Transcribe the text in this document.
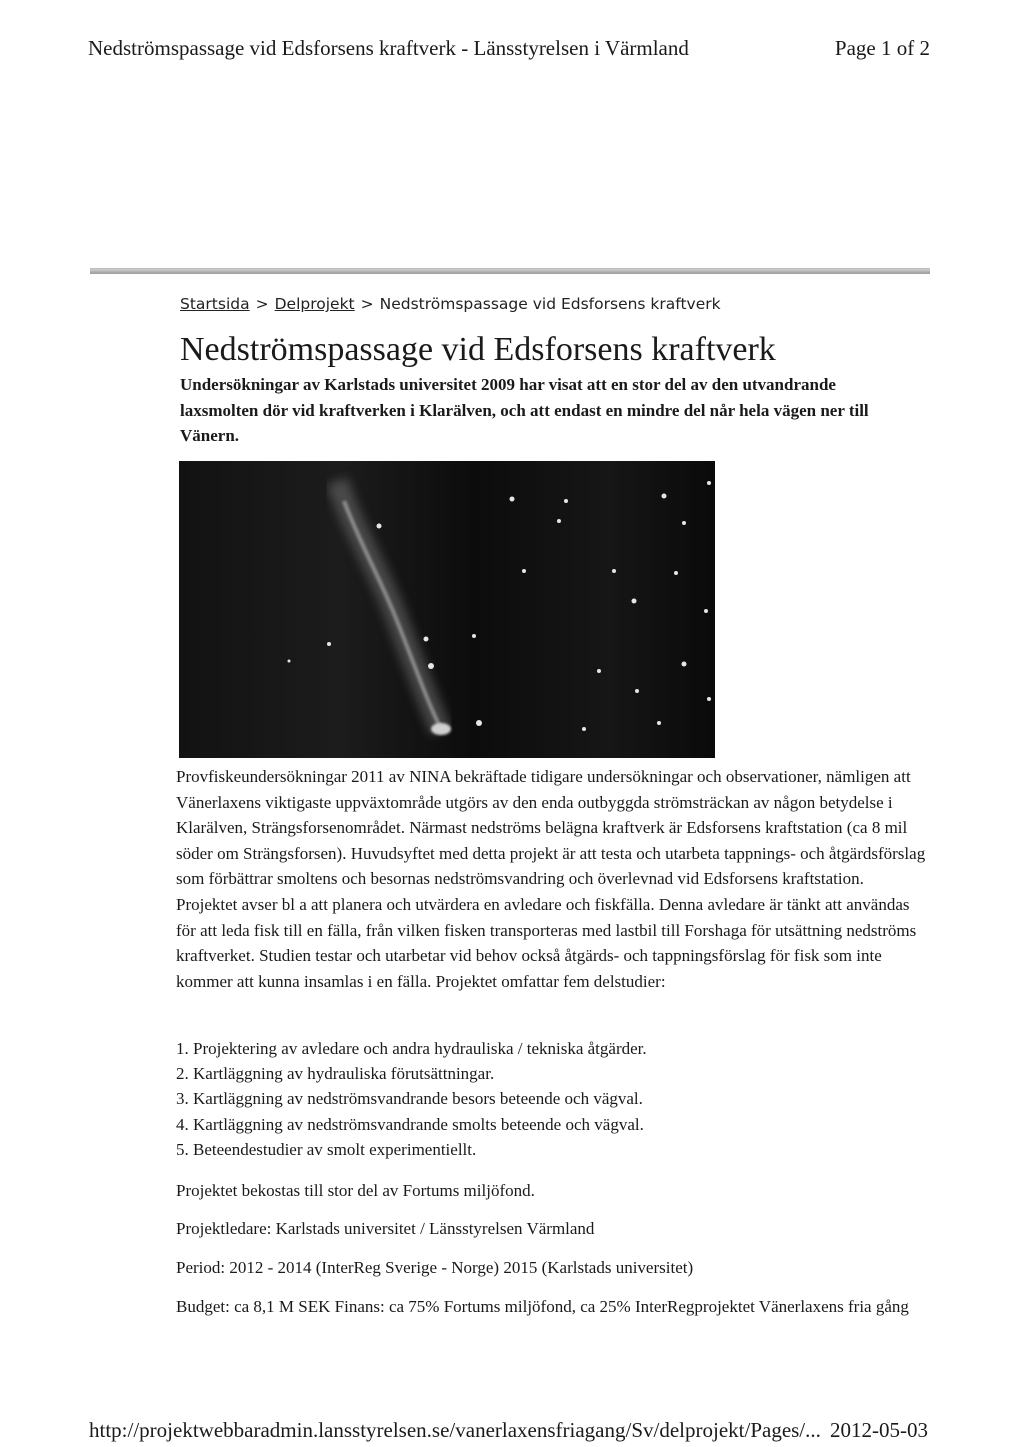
Nedströmspassage vid Edsforsens kraftverk - Länsstyrelsen i Värmland	Page 1 of 2
Startsida > Delprojekt > Nedströmspassage vid Edsforsens kraftverk
Nedströmspassage vid Edsforsens kraftverk

Undersökningar av Karlstads universitet 2009 har visat att en stor del av den utvandrande laxsmolten dör vid kraftverken i Klarälven, och att endast en mindre del når hela vägen ner till Vänern.

Provfiskeundersökningar 2011 av NINA bekräftade tidigare undersökningar och observationer, nämligen att Vänerlaxens viktigaste uppväxtområde utgörs av den enda outbyggda strömsträckan av någon betydelse i Klarälven, Strängsforsenområdet. Närmast nedströms belägna kraftverk är Edsforsens kraftstation (ca 8 mil söder om Strängsforsen). Huvudsyftet med detta projekt är att testa och utarbeta tappnings- och åtgärdsförslag som förbättrar smoltens och besornas nedströmsvandring och överlevnad vid Edsforsens kraftstation. Projektet avser bl a att planera och utvärdera en avledare och fiskfälla. Denna avledare är tänkt att användas för att leda fisk till en fälla, från vilken fisken transporteras med lastbil till Forshaga för utsättning nedströms kraftverket. Studien testar och utarbetar vid behov också åtgärds- och tappningsförslag för fisk som inte kommer att kunna insamlas i en fälla. Projektet omfattar fem delstudier:

1. Projektering av avledare och andra hydrauliska / tekniska åtgärder.
2. Kartläggning av hydrauliska förutsättningar.
3. Kartläggning av nedströmsvandrande besors beteende och vägval.
4. Kartläggning av nedströmsvandrande smolts beteende och vägval.
5. Beteendestudier av smolt experimentiellt.

Projektet bekostas till stor del av Fortums miljöfond.

Projektledare: Karlstads universitet / Länsstyrelsen Värmland

Period: 2012 - 2014 (InterReg Sverige - Norge) 2015 (Karlstads universitet)

Budget: ca 8,1 M SEK Finans: ca 75% Fortums miljöfond, ca 25% InterRegprojektet Vänerlaxens fria gång

http://projektwebbaradmin.lansstyrelsen.se/vanerlaxensfriagang/Sv/delprojekt/Pages/... 2012-05-03
